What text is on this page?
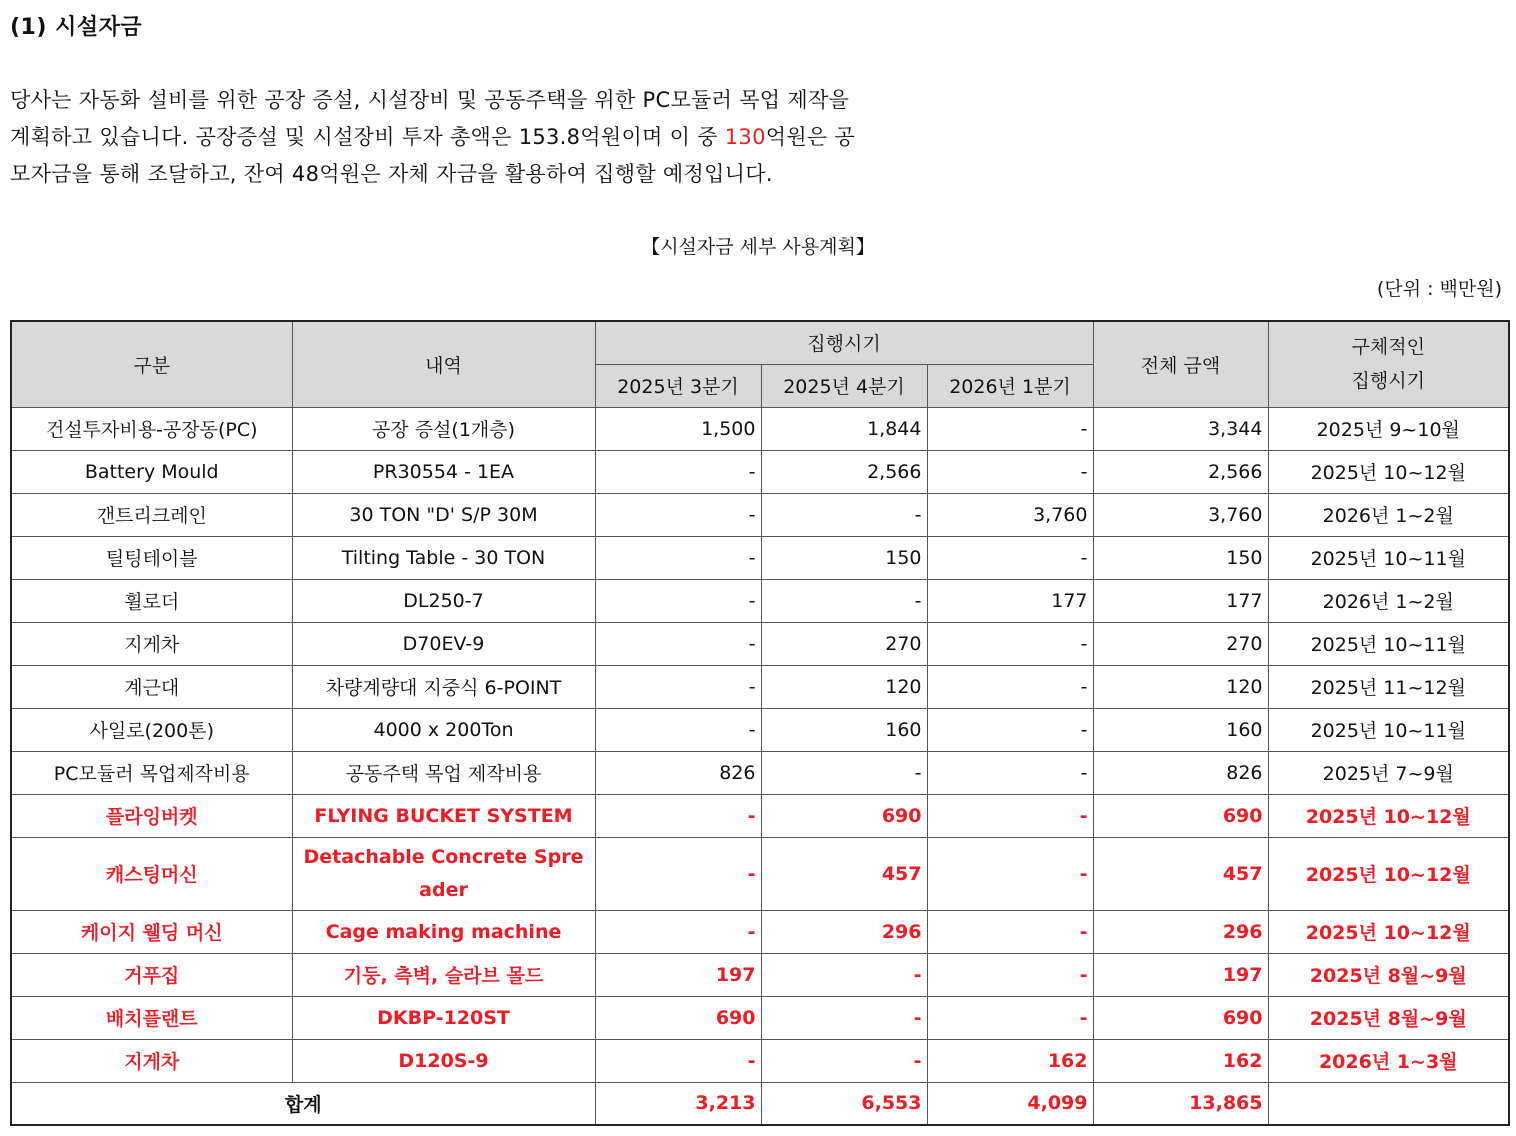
(1) 시설자금
당사는 자동화 설비를 위한 공장 증설, 시설장비 및 공동주택을 위한 PC모듈러 목업 제작을 계획하고 있습니다. 공장증설 및 시설장비 투자 총액은 153.8억원이며 이 중 130억원은 공모자금을 통해 조달하고, 잔여 48억원은 자체 자금을 활용하여 집행할 예정입니다.
【시설자금 세부 사용계획】
(단위 : 백만원)
구분	내역	집행시기			전체 금액	구체적인
집행시기
		2025년 3분기	2025년 4분기	2026년 1분기		
건설투자비용-공장동(PC)	공장 증설(1개층)	1,500	1,844	-	3,344	2025년 9~10월
Battery Mould	PR30554 - 1EA	-	2,566	-	2,566	2025년 10~12월
갠트리크레인	30 TON "D' S/P 30M	-	-	3,760	3,760	2026년 1~2월
틸팅테이블	Tilting Table - 30 TON	-	150	-	150	2025년 10~11월
휠로더	DL250-7	-	-	177	177	2026년 1~2월
지게차	D70EV-9	-	270	-	270	2025년 10~11월
계근대	차량계량대 지중식 6-POINT	-	120	-	120	2025년 11~12월
사일로(200톤)	4000 x 200Ton	-	160	-	160	2025년 10~11월
PC모듈러 목업제작비용	공동주택 목업 제작비용	826	-	-	826	2025년 7~9월
플라잉버켓	FLYING BUCKET SYSTEM	-	690	-	690	2025년 10~12월
캐스팅머신	Detachable Concrete Spreader	-	457	-	457	2025년 10~12월
케이지 웰딩 머신	Cage making machine	-	296	-	296	2025년 10~12월
거푸집	기둥, 측벽, 슬라브 몰드	197	-	-	197	2025년 8월~9월
배치플랜트	DKBP-120ST	690	-	-	690	2025년 8월~9월
지게차	D120S-9	-	-	162	162	2026년 1~3월
합계		3,213	6,553	4,099	13,865	
